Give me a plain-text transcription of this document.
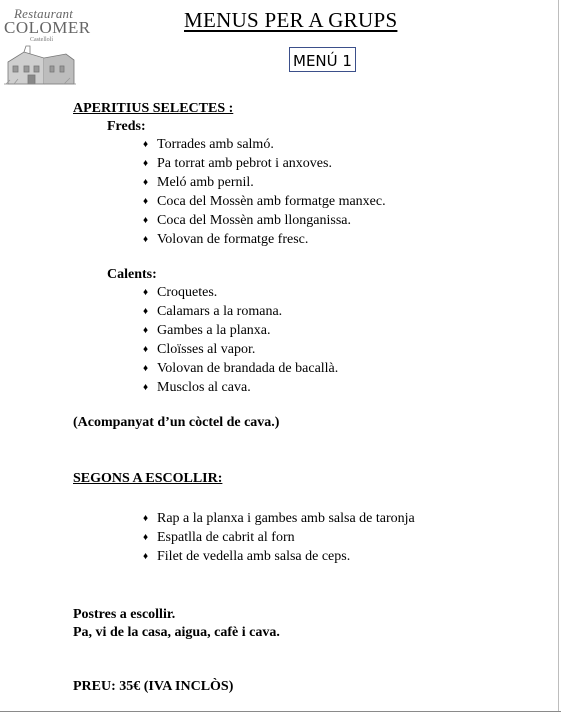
Restaurant
COLOMER
Castellolí
MENUS PER A GRUPS
MENÚ 1
APERITIUS SELECTES :
Freds:
♦ Torrades amb salmó.
♦ Pa torrat amb pebrot i anxoves.
♦ Meló amb pernil.
♦ Coca del Mossèn amb formatge manxec.
♦ Coca del Mossèn amb llonganissa.
♦ Volovan de formatge fresc.
Calents:
♦ Croquetes.
♦ Calamars a la romana.
♦ Gambes a la planxa.
♦ Cloïsses al vapor.
♦ Volovan de brandada de bacallà.
♦ Musclos al cava.
(Acompanyat d’un còctel de cava.)
SEGONS A ESCOLLIR:
♦ Rap a la planxa i gambes amb salsa de taronja
♦ Espatlla de cabrit al forn
♦ Filet de vedella amb salsa de ceps.
Postres a escollir.
Pa, vi de la casa, aigua, cafè i cava.
PREU: 35€ (IVA INCLÒS)
